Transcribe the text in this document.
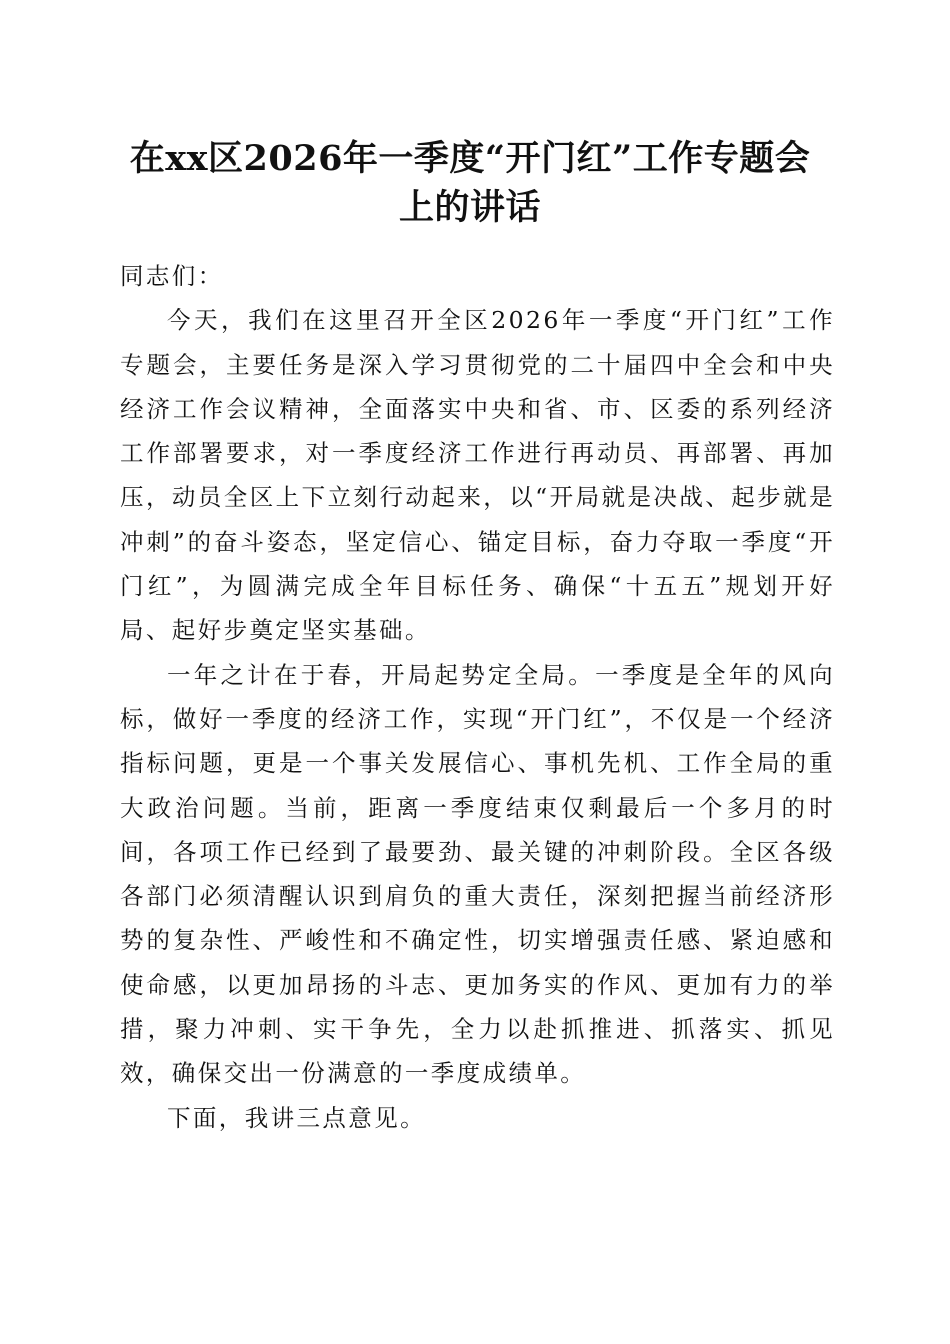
在xx区2026年一季度“开门红”工作专题会
上的讲话

同志们：

今天，我们在这里召开全区2026年一季度“开门红”工作专题会，主要任务是深入学习贯彻党的二十届四中全会和中央经济工作会议精神，全面落实中央和省、市、区委的系列经济工作部署要求，对一季度经济工作进行再动员、再部署、再加压，动员全区上下立刻行动起来，以“开局就是决战、起步就是冲刺”的奋斗姿态，坚定信心、锚定目标，奋力夺取一季度“开门红”，为圆满完成全年目标任务、确保“十五五”规划开好局、起好步奠定坚实基础。

一年之计在于春，开局起势定全局。一季度是全年的风向标，做好一季度的经济工作，实现“开门红”，不仅是一个经济指标问题，更是一个事关发展信心、事机先机、工作全局的重大政治问题。当前，距离一季度结束仅剩最后一个多月的时间，各项工作已经到了最要劲、最关键的冲刺阶段。全区各级各部门必须清醒认识到肩负的重大责任，深刻把握当前经济形势的复杂性、严峻性和不确定性，切实增强责任感、紧迫感和使命感，以更加昂扬的斗志、更加务实的作风、更加有力的举措，聚力冲刺、实干争先，全力以赴抓推进、抓落实、抓见效，确保交出一份满意的一季度成绩单。

下面，我讲三点意见。
